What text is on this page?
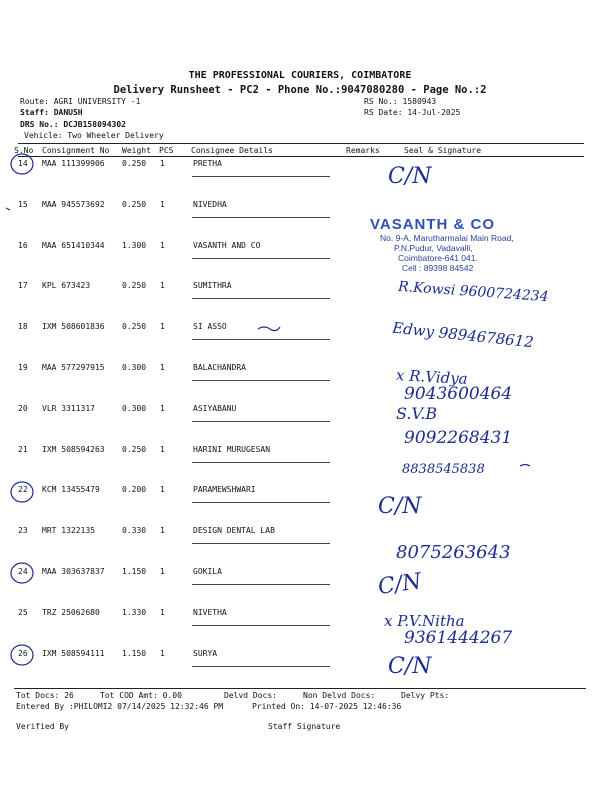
THE PROFESSIONAL COURIERS, COIMBATORE
Delivery Runsheet - PC2 - Phone No.:9047080280 - Page No.:2
Route: AGRI UNIVERSITY -1
Staff: DANUSH
DRS No.: DCJB158094302
Vehicle: Two Wheeler Delivery
RS No.: 1580943
RS Date: 14-Jul-2025
S.No Consignment No Weight PCS Consignee Details	Remarks	Seal & Signature
14 MAA 111399906 0.250 1	PRETHA
15 MAA 945573692 0.250 1	NIVEDHA
16 MAA 651410344 1.300 1	VASANTH AND CO
17 KPL 673423	0.250 1	SUMITHRA
18 IXM 508601836 0.250 1	SI ASSO
19 MAA 577297915 0.300 1	BALACHANDRA
20 VLR 3311317	0.300 1	ASIYABANU
21 IXM 508594263 0.250 1	HARINI MURUGESAN
22 KCM 13455479	0.200 1	PARAMEWSHWARI
23 MRT 1322135	0.330 1	DESIGN DENTAL LAB
24 MAA 303637837 1.150 1	GOKILA
25 TRZ 25062680	1.330 1	NIVETHA
26 IXM 508594111 1.150 1	SURYA
VASANTH & CO
No. 9-A, Marutharmalai Main Road,
P.N.Pudur, Vadavalli,
Coimbatore-641 041.
Cell : 89398 84542
C/N
R.Kowsi 9600724234
Edwy 9894678612
x R.Vidya
9043600464
S.V.B
9092268431
8838545838
C/N
8075263643
C/N
x P.V.Nitha
9361444267
C/N
Tot Docs: 26	Tot COD Amt: 0.00	Delvd Docs:	Non Delvd Docs:	Delvy Pts:
Entered By :PHILOMI2 07/14/2025 12:32:46 PM	Printed On: 14-07-2025 12:46:36
Verified By	Staff Signature
